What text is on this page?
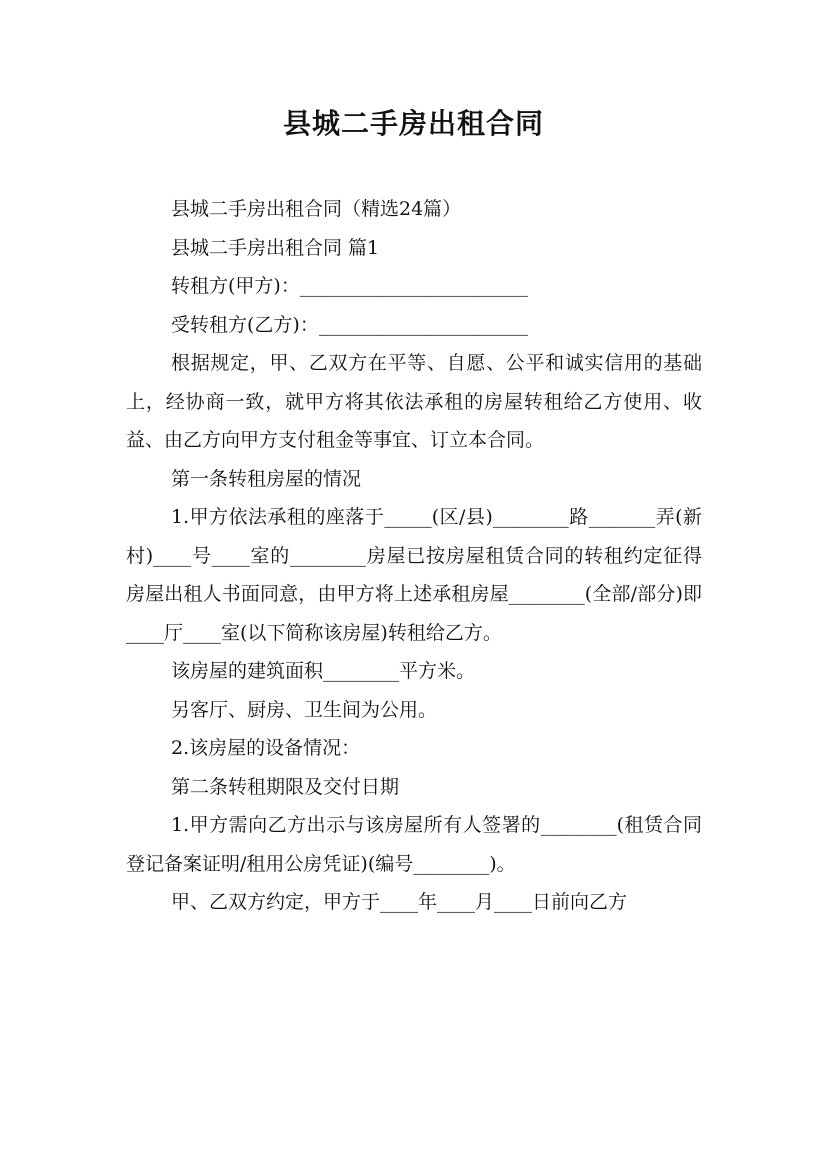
县城二手房出租合同

县城二手房出租合同（精选24篇）

县城二手房出租合同 篇1

转租方(甲方)：________________________

受转租方(乙方)：______________________

根据规定，甲、乙双方在平等、自愿、公平和诚实信用的基础上，经协商一致，就甲方将其依法承租的房屋转租给乙方使用、收益、由乙方向甲方支付租金等事宜、订立本合同。

第一条转租房屋的情况

1.甲方依法承租的座落于_____(区/县)________路_______弄(新村)____号____室的________房屋已按房屋租赁合同的转租约定征得房屋出租人书面同意，由甲方将上述承租房屋________(全部/部分)即____厅____室(以下简称该房屋)转租给乙方。

该房屋的建筑面积________平方米。

另客厅、厨房、卫生间为公用。

2.该房屋的设备情况：

第二条转租期限及交付日期

1.甲方需向乙方出示与该房屋所有人签署的________(租赁合同登记备案证明/租用公房凭证)(编号________)。

甲、乙双方约定，甲方于____年____月____日前向乙方
